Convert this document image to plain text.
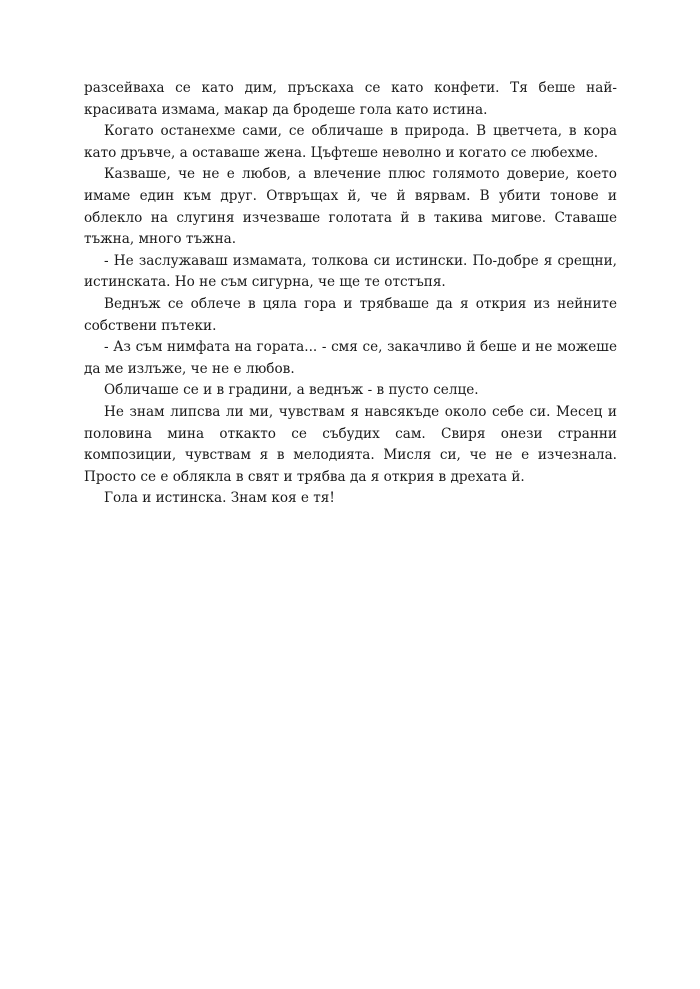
разсейваха се като дим, пръскаха се като конфети. Тя беше най-красивата измама, макар да бродеше гола като истина.

Когато останехме сами, се обличаше в природа. В цветчета, в кора като дръвче, а оставаше жена. Цъфтеше неволно и когато се любехме.

Казваше, че не е любов, а влечение плюс голямото доверие, което имаме един към друг. Отвръщах й, че й вярвам. В убити тонове и облекло на слугиня изчезваше голотата й в такива мигове. Ставаше тъжна, много тъжна.

- Не заслужаваш измамата, толкова си истински. По-добре я срещни, истинската. Но не съм сигурна, че ще те отстъпя.

Веднъж се облече в цяла гора и трябваше да я открия из нейните собствени пътеки.

- Аз съм нимфата на гората... - смя се, закачливо й беше и не можеше да ме излъже, че не е любов.

Обличаше се и в градини, а веднъж - в пусто селце.

Не знам липсва ли ми, чувствам я навсякъде около себе си. Месец и половина мина откакто се събудих сам. Свиря онези странни композиции, чувствам я в мелодията. Мисля си, че не е изчезнала. Просто се е облякла в свят и трябва да я открия в дрехата й.

Гола и истинска. Знам коя е тя!
